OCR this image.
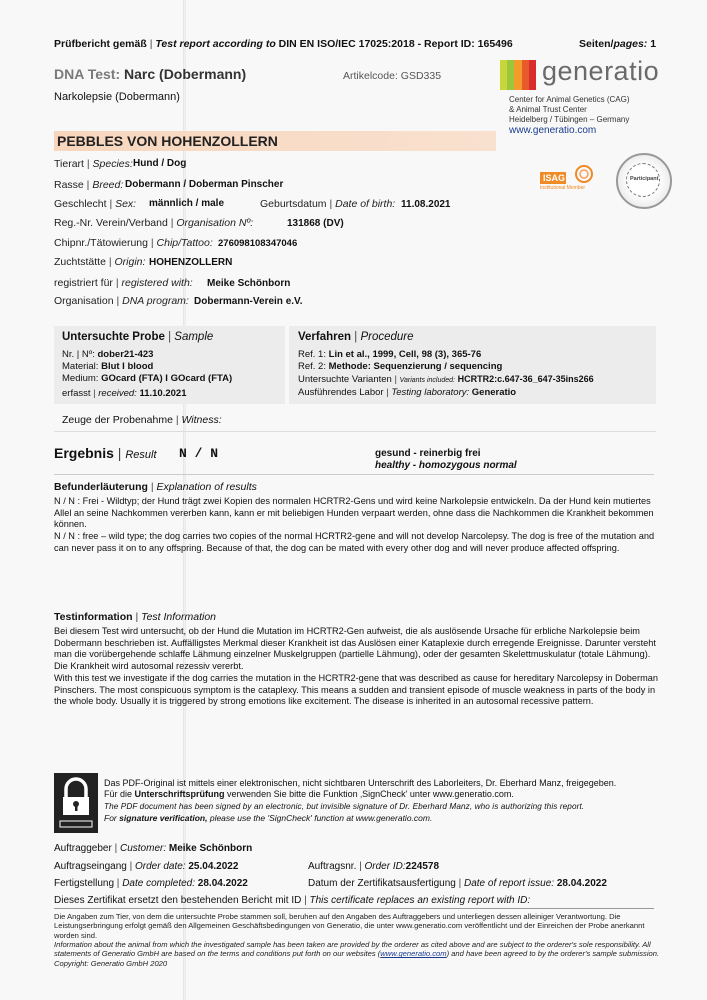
Prüfbericht gemäß | Test report according to DIN EN ISO/IEC 17025:2018 - Report ID: 165496	Seiten/pages: 1
DNA Test: Narc (Dobermann)
Narkolepsie (Dobermann)
Artikelcode: GSD335	generatio
Center for Animal Genetics (CAG)
& Animal Trust Center
Heidelberg / Tübingen – Germany
www.generatio.com
PEBBLES VON HOHENZOLLERN
ISAG
Institutional Member
Participant
Tierart | Species: Hund / Dog
Rasse | Breed: Dobermann / Doberman Pinscher
Geschlecht | Sex: männlich / male	Geburtsdatum | Date of birth: 11.08.2021
Reg.-Nr. Verein/Verband | Organisation Nº:	131868 (DV)
Chipnr./Tätowierung | Chip/Tattoo: 276098108347046
Zuchtstätte | Origin: HOHENZOLLERN
registriert für | registered with: Meike Schönborn
Organisation | DNA program: Dobermann-Verein e.V.
Untersuchte Probe | Sample
Nr. | Nº: dober21-423
Material: Blut I blood
Medium: GOcard (FTA) I GOcard (FTA)
erfasst | received: 11.10.2021
Verfahren | Procedure
Ref. 1: Lin et al., 1999, Cell, 98 (3), 365-76
Ref. 2: Methode: Sequenzierung / sequencing
Untersuchte Varianten | Variants included: HCRTR2:c.647-36_647-35ins266
Ausführendes Labor | Testing laboratory: Generatio
Zeuge der Probenahme | Witness:
Ergebnis | Result N / N	gesund - reinerbig frei
healthy - homozygous normal
Befunderläuterung | Explanation of results
N / N : Frei - Wildtyp; der Hund trägt zwei Kopien des normalen HCRTR2-Gens und wird keine Narkolepsie entwickeln. Da der Hund kein mutiertes Allel an seine Nachkommen vererben kann, kann er mit beliebigen Hunden verpaart werden, ohne dass die Nachkommen die Krankheit bekommen können.
N / N : free – wild type; the dog carries two copies of the normal HCRTR2-gene and will not develop Narcolepsy. The dog is free of the mutation and can never pass it on to any offspring. Because of that, the dog can be mated with every other dog and will never produce affected offspring.
Testinformation | Test Information
Bei diesem Test wird untersucht, ob der Hund die Mutation im HCRTR2-Gen aufweist, die als auslösende Ursache für erbliche Narkolepsie beim Dobermann beschrieben ist. Auffälligstes Merkmal dieser Krankheit ist das Auslösen einer Kataplexie durch erregende Ereignisse. Darunter versteht man die vorübergehende schlaffe Lähmung einzelner Muskelgruppen (partielle Lähmung), oder der gesamten Skelettmuskulatur (totale Lähmung). Die Krankheit wird autosomal rezessiv vererbt.
With this test we investigate if the dog carries the mutation in the HCRTR2-gene that was described as cause for hereditary Narcolepsy in Doberman Pinschers. The most conspicuous symptom is the cataplexy. This means a sudden and transient episode of muscle weakness in parts of the body in the whole body. Usually it is triggered by strong emotions like excitement. The disease is inherited in an autosomal recessive pattern.
Das PDF-Original ist mittels einer elektronischen, nicht sichtbaren Unterschrift des Laborleiters, Dr. Eberhard Manz, freigegeben.
Für die Unterschriftsprüfung verwenden Sie bitte die Funktion ‚SignCheck' unter www.generatio.com.
The PDF document has been signed by an electronic, but invisible signature of Dr. Eberhard Manz, who is authorizing this report.
For signature verification, please use the 'SignCheck' function at www.generatio.com.
Auftraggeber | Customer: Meike Schönborn
Auftragseingang | Order date: 25.04.2022	Auftragsnr. | Order ID:224578
Fertigstellung | Date completed: 28.04.2022	Datum der Zertifikatsausfertigung | Date of report issue: 28.04.2022
Dieses Zertifikat ersetzt den bestehenden Bericht mit ID | This certificate replaces an existing report with ID:
Die Angaben zum Tier, von dem die untersuchte Probe stammen soll, beruhen auf den Angaben des Auftraggebers und unterliegen dessen alleiniger Verantwortung. Die Leistungserbringung erfolgt gemäß den Allgemeinen Geschäftsbedingungen von Generatio, die unter www.generatio.com veröffentlicht und der Einreichen der Probe anerkannt worden sind.
Information about the animal from which the investigated sample has been taken are provided by the orderer as cited above and are subject to the orderer's sole responsibility. All statements of Generatio GmbH are based on the terms and conditions put forth on our websites (www.generatio.com) and have been agreed to by the orderer's sample submission. Copyright: Generatio GmbH 2020
